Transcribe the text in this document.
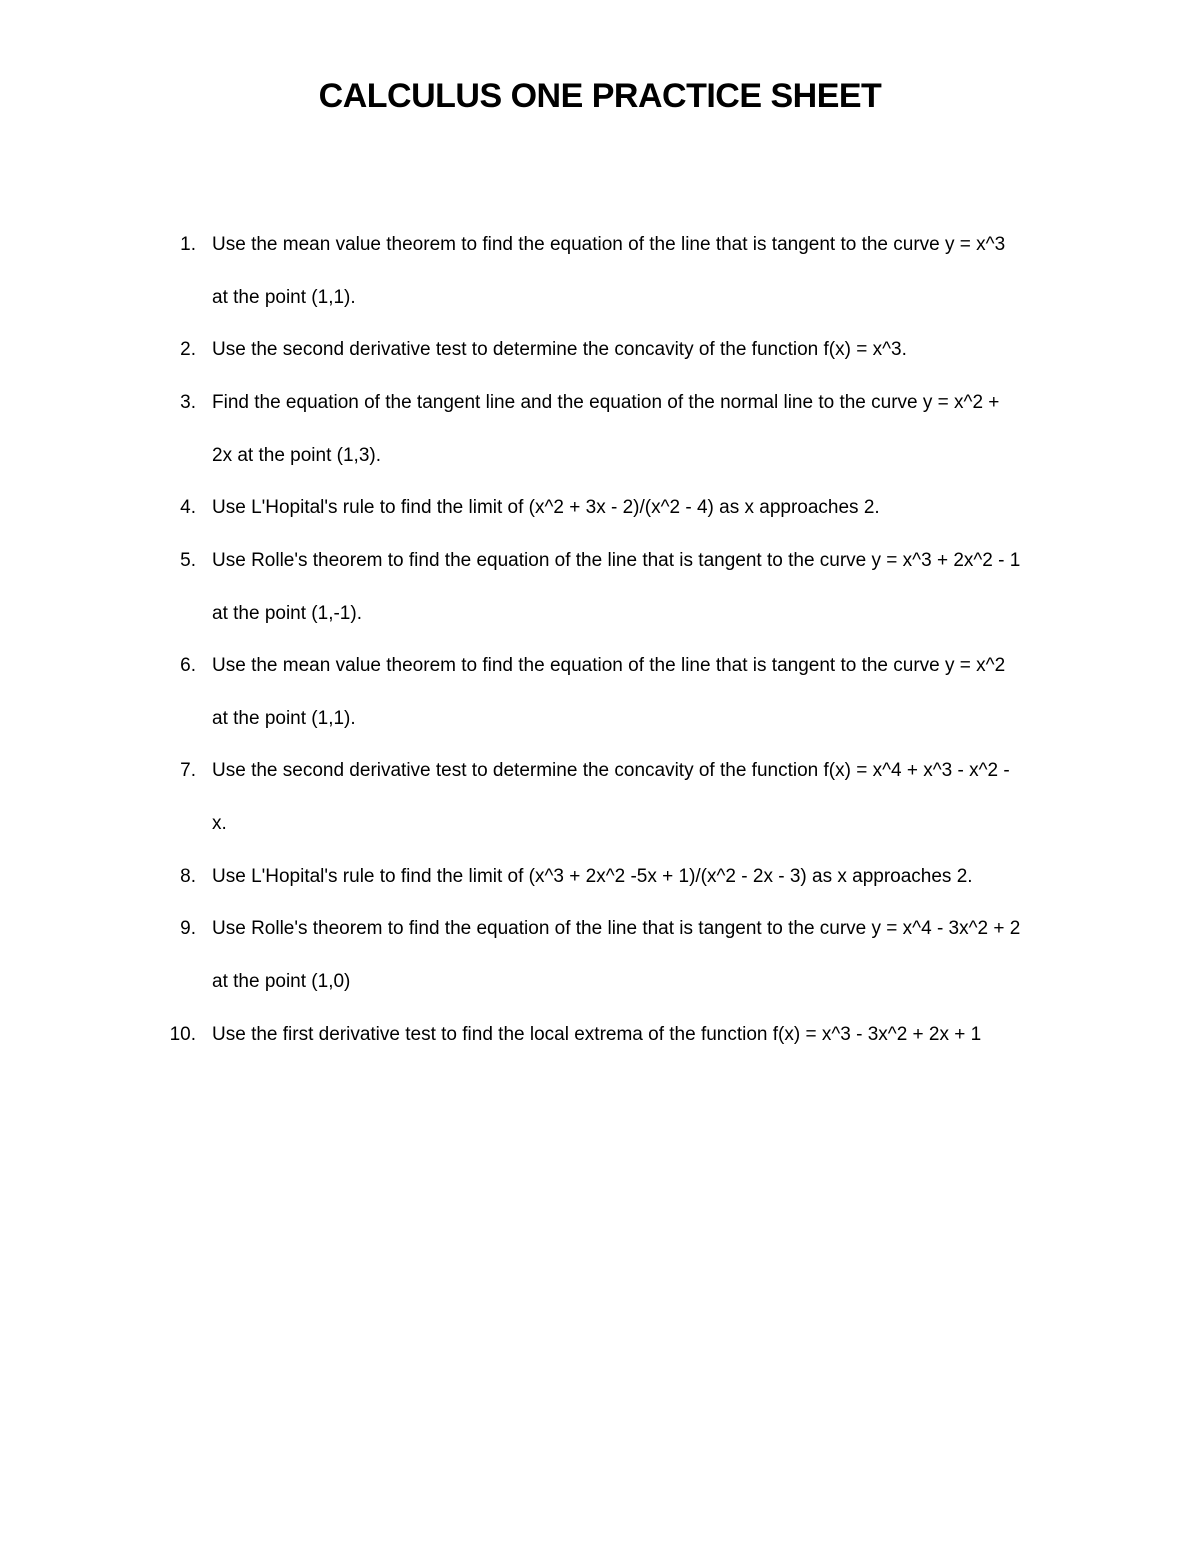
CALCULUS ONE PRACTICE SHEET
1. Use the mean value theorem to find the equation of the line that is tangent to the curve y = x^3
at the point (1,1).
2. Use the second derivative test to determine the concavity of the function f(x) = x^3.
3. Find the equation of the tangent line and the equation of the normal line to the curve y = x^2 +
2x at the point (1,3).
4. Use L'Hopital's rule to find the limit of (x^2 + 3x - 2)/(x^2 - 4) as x approaches 2.
5. Use Rolle's theorem to find the equation of the line that is tangent to the curve y = x^3 + 2x^2 - 1
at the point (1,-1).
6. Use the mean value theorem to find the equation of the line that is tangent to the curve y = x^2
at the point (1,1).
7. Use the second derivative test to determine the concavity of the function f(x) = x^4 + x^3 - x^2 -
x.
8. Use L'Hopital's rule to find the limit of (x^3 + 2x^2 -5x + 1)/(x^2 - 2x - 3) as x approaches 2.
9. Use Rolle's theorem to find the equation of the line that is tangent to the curve y = x^4 - 3x^2 + 2
at the point (1,0)
10. Use the first derivative test to find the local extrema of the function f(x) = x^3 - 3x^2 + 2x + 1
